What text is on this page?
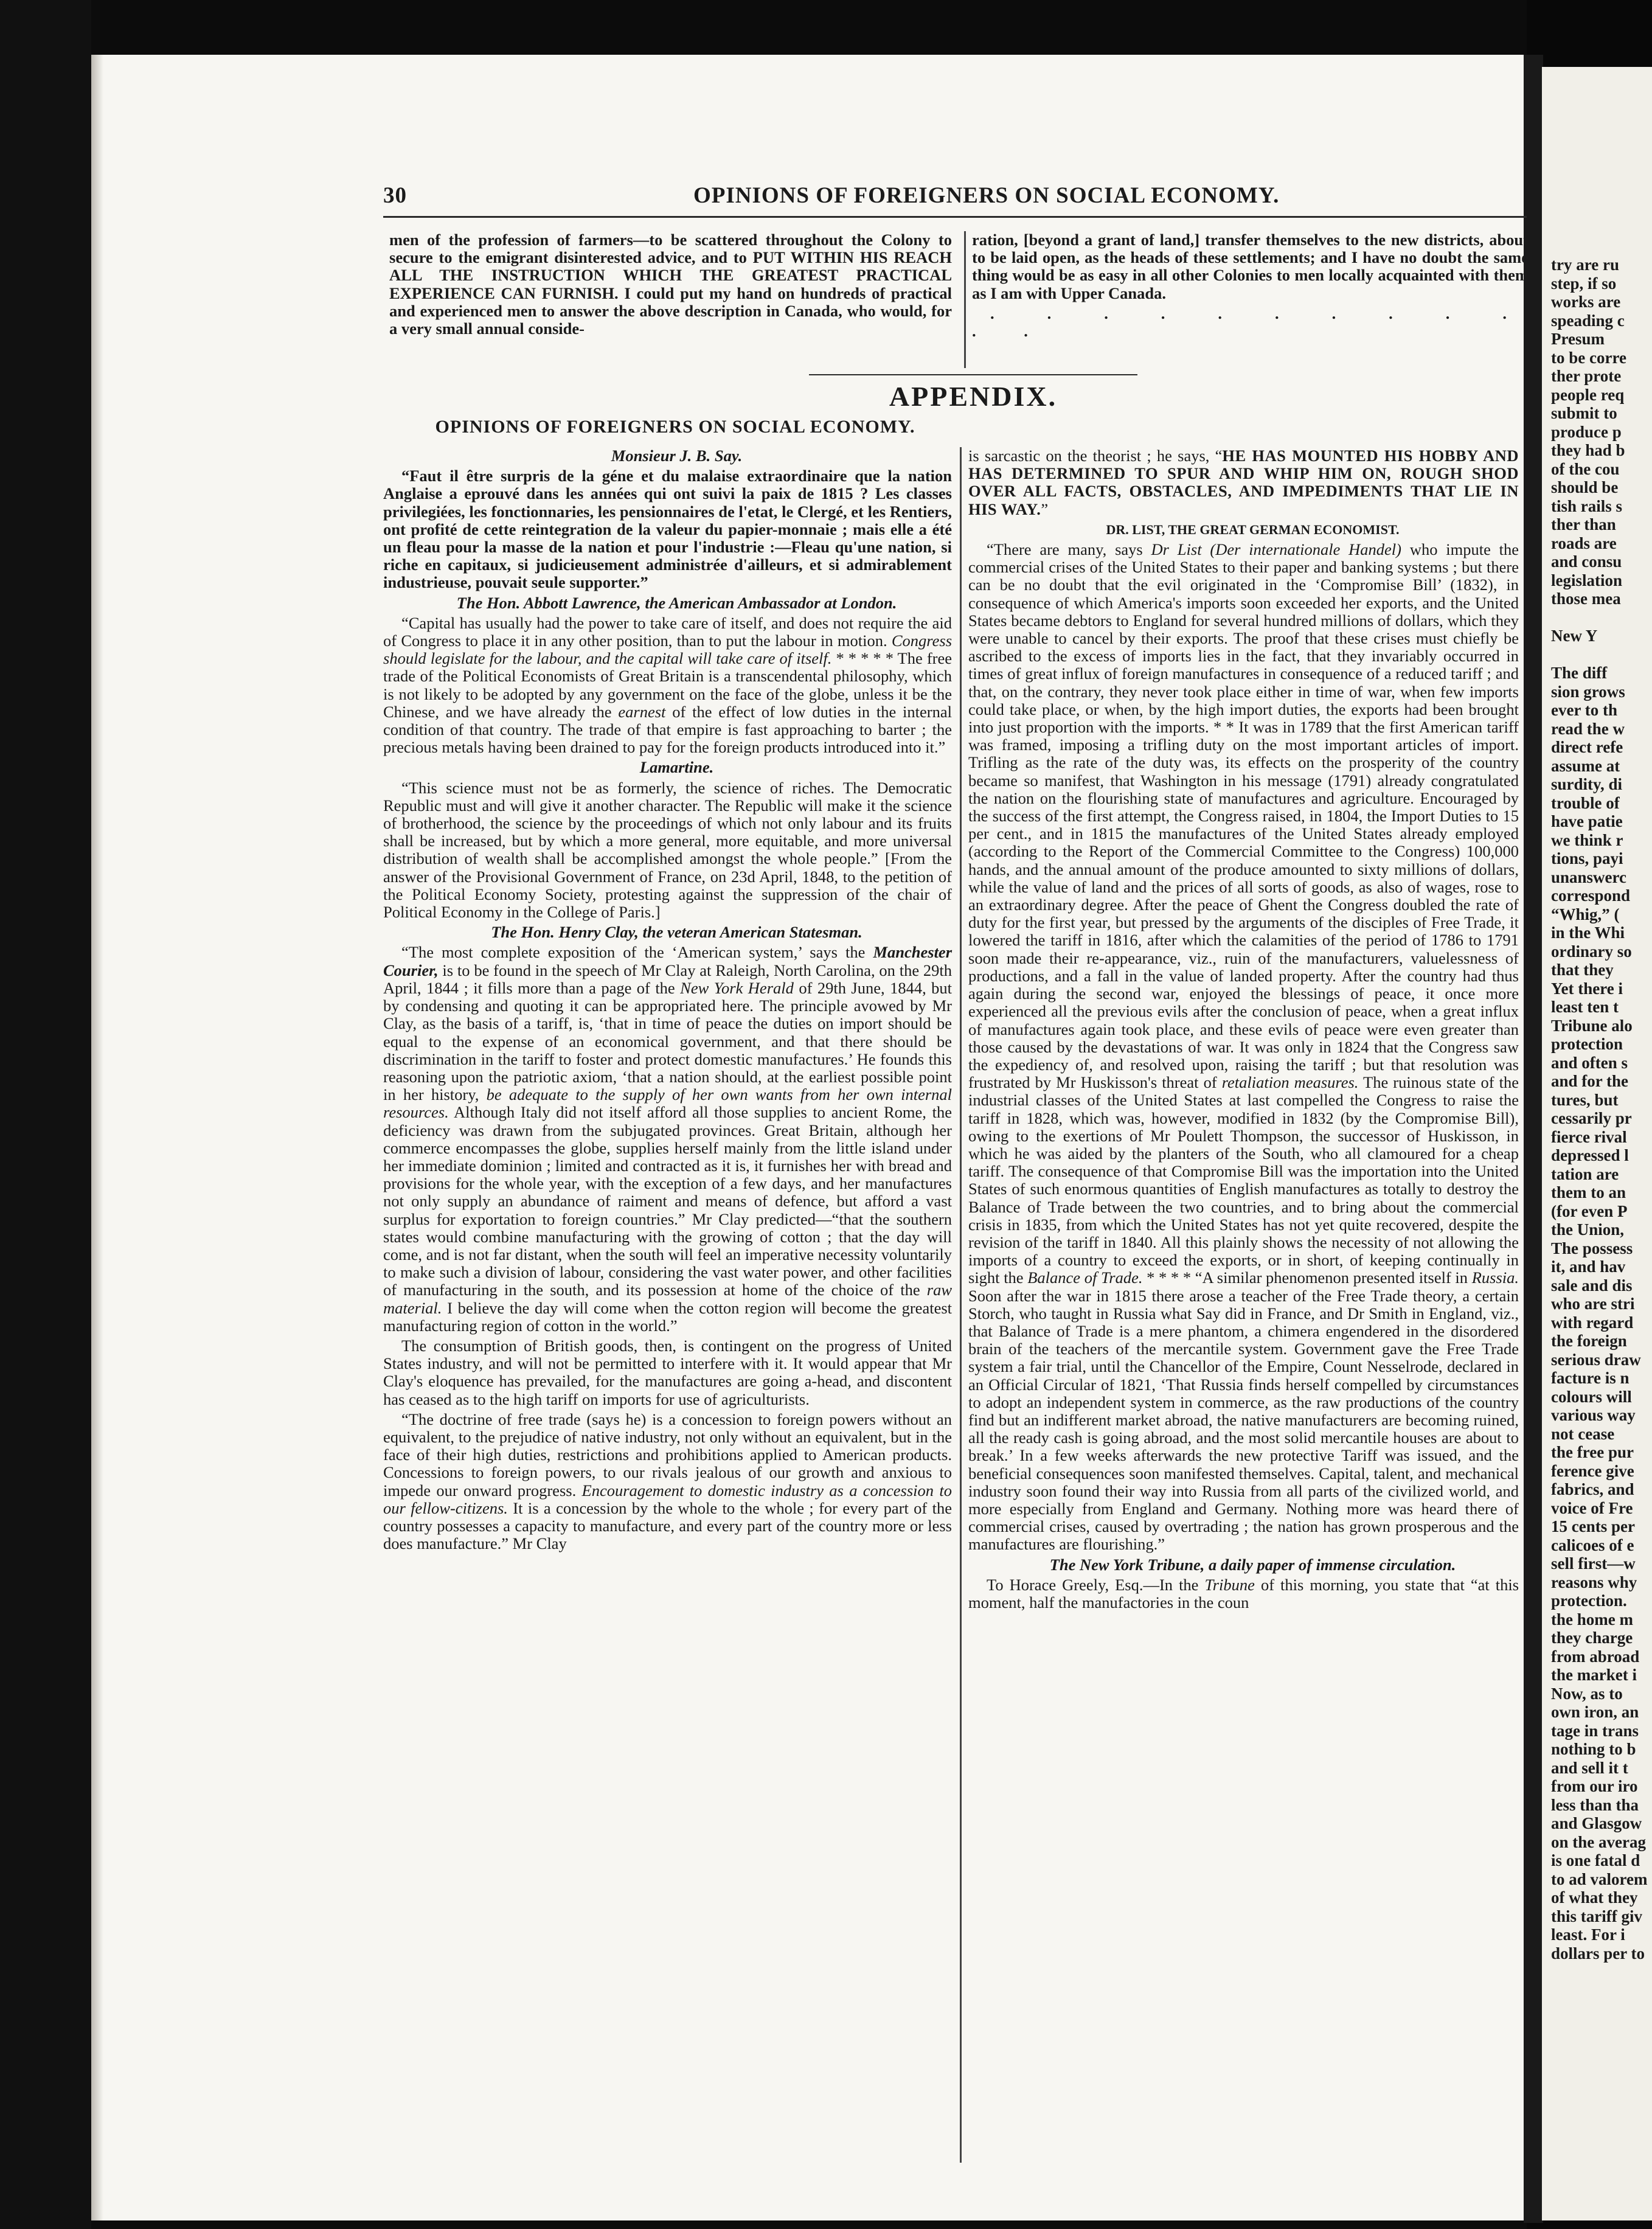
30	OPINIONS OF FOREIGNERS ON SOCIAL ECONOMY.

men of the profession of farmers—to be scattered throughout the Colony to secure to the emigrant disinterested advice, and to PUT WITHIN HIS REACH ALL THE INSTRUCTION WHICH THE GREATEST PRACTICAL EXPERIENCE CAN FURNISH. I could put my hand on hundreds of practical and experienced men to answer the above description in Canada, who would, for a very small annual conside-

ration, [beyond a grant of land,] transfer themselves to the new districts, about to be laid open, as the heads of these settlements; and I have no doubt the same thing would be as easy in all other Colonies to men locally acquainted with them as I am with Upper Canada.

. . . . . . . . . . . .

APPENDIX.
OPINIONS OF FOREIGNERS ON SOCIAL ECONOMY.

Monsieur J. B. Say.

“Faut il être surpris de la géne et du malaise extraordinaire que la nation Anglaise a eprouvé dans les années qui ont suivi la paix de 1815 ? Les classes privilegiées, les fonctionnaries, les pensionnaires de l'etat, le Clergé, et les Rentiers, ont profité de cette reintegration de la valeur du papier-monnaie ; mais elle a été un fleau pour la masse de la nation et pour l'industrie :—Fleau qu'une nation, si riche en capitaux, si judicieusement administrée d'ailleurs, et si admirablement industrieuse, pouvait seule supporter.”

The Hon. Abbott Lawrence, the American Ambassador at London.

“Capital has usually had the power to take care of itself, and does not require the aid of Congress to place it in any other position, than to put the labour in motion. Congress should legislate for the labour, and the capital will take care of itself. * * * * * The free trade of the Political Economists of Great Britain is a transcendental philosophy, which is not likely to be adopted by any government on the face of the globe, unless it be the Chinese, and we have already the earnest of the effect of low duties in the internal condition of that country. The trade of that empire is fast approaching to barter ; the precious metals having been drained to pay for the foreign products introduced into it.”

Lamartine.

“This science must not be as formerly, the science of riches. The Democratic Republic must and will give it another character. The Republic will make it the science of brotherhood, the science by the proceedings of which not only labour and its fruits shall be increased, but by which a more general, more equitable, and more universal distribution of wealth shall be accomplished amongst the whole people.” [From the answer of the Provisional Government of France, on 23d April, 1848, to the petition of the Political Economy Society, protesting against the suppression of the chair of Political Economy in the College of Paris.]

The Hon. Henry Clay, the veteran American Statesman.

“The most complete exposition of the ‘American system,’ says the Manchester Courier, is to be found in the speech of Mr Clay at Raleigh, North Carolina, on the 29th April, 1844 ; it fills more than a page of the New York Herald of 29th June, 1844, but by condensing and quoting it can be appropriated here. The principle avowed by Mr Clay, as the basis of a tariff, is, ‘that in time of peace the duties on import should be equal to the expense of an economical government, and that there should be discrimination in the tariff to foster and protect domestic manufactures.’ He founds this reasoning upon the patriotic axiom, ‘that a nation should, at the earliest possible point in her history, be adequate to the supply of her own wants from her own internal resources. Although Italy did not itself afford all those supplies to ancient Rome, the deficiency was drawn from the subjugated provinces. Great Britain, although her commerce encompasses the globe, supplies herself mainly from the little island under her immediate dominion ; limited and contracted as it is, it furnishes her with bread and provisions for the whole year, with the exception of a few days, and her manufactures not only supply an abundance of raiment and means of defence, but afford a vast surplus for exportation to foreign countries.” Mr Clay predicted—“that the southern states would combine manufacturing with the growing of cotton ; that the day will come, and is not far distant, when the south will feel an imperative necessity voluntarily to make such a division of labour, considering the vast water power, and other facilities of manufacturing in the south, and its possession at home of the choice of the raw material. I believe the day will come when the cotton region will become the greatest manufacturing region of cotton in the world.”

The consumption of British goods, then, is contingent on the progress of United States industry, and will not be permitted to interfere with it. It would appear that Mr Clay's eloquence has prevailed, for the manufactures are going a-head, and discontent has ceased as to the high tariff on imports for use of agriculturists.

“The doctrine of free trade (says he) is a concession to foreign powers without an equivalent, to the prejudice of native industry, not only without an equivalent, but in the face of their high duties, restrictions and prohibitions applied to American products. Concessions to foreign powers, to our rivals jealous of our growth and anxious to impede our onward progress. Encouragement to domestic industry as a concession to our fellow-citizens. It is a concession by the whole to the whole ; for every part of the country possesses a capacity to manufacture, and every part of the country more or less does manufacture.” Mr Clay

is sarcastic on the theorist ; he says, “HE HAS MOUNTED HIS HOBBY AND HAS DETERMINED TO SPUR AND WHIP HIM ON, ROUGH SHOD OVER ALL FACTS, OBSTACLES, AND IMPEDIMENTS THAT LIE IN HIS WAY.”

DR. LIST, THE GREAT GERMAN ECONOMIST.

“There are many, says Dr List (Der internationale Handel) who impute the commercial crises of the United States to their paper and banking systems ; but there can be no doubt that the evil originated in the ‘Compromise Bill’ (1832), in consequence of which America's imports soon exceeded her exports, and the United States became debtors to England for several hundred millions of dollars, which they were unable to cancel by their exports. The proof that these crises must chiefly be ascribed to the excess of imports lies in the fact, that they invariably occurred in times of great influx of foreign manufactures in consequence of a reduced tariff ; and that, on the contrary, they never took place either in time of war, when few imports could take place, or when, by the high import duties, the exports had been brought into just proportion with the imports. * * It was in 1789 that the first American tariff was framed, imposing a trifling duty on the most important articles of import. Trifling as the rate of the duty was, its effects on the prosperity of the country became so manifest, that Washington in his message (1791) already congratulated the nation on the flourishing state of manufactures and agriculture. Encouraged by the success of the first attempt, the Congress raised, in 1804, the Import Duties to 15 per cent., and in 1815 the manufactures of the United States already employed (according to the Report of the Commercial Committee to the Congress) 100,000 hands, and the annual amount of the produce amounted to sixty millions of dollars, while the value of land and the prices of all sorts of goods, as also of wages, rose to an extraordinary degree. After the peace of Ghent the Congress doubled the rate of duty for the first year, but pressed by the arguments of the disciples of Free Trade, it lowered the tariff in 1816, after which the calamities of the period of 1786 to 1791 soon made their re-appearance, viz., ruin of the manufacturers, valuelessness of productions, and a fall in the value of landed property. After the country had thus again during the second war, enjoyed the blessings of peace, it once more experienced all the previous evils after the conclusion of peace, when a great influx of manufactures again took place, and these evils of peace were even greater than those caused by the devastations of war. It was only in 1824 that the Congress saw the expediency of, and resolved upon, raising the tariff ; but that resolution was frustrated by Mr Huskisson's threat of retaliation measures. The ruinous state of the industrial classes of the United States at last compelled the Congress to raise the tariff in 1828, which was, however, modified in 1832 (by the Compromise Bill), owing to the exertions of Mr Poulett Thompson, the successor of Huskisson, in which he was aided by the planters of the South, who all clamoured for a cheap tariff. The consequence of that Compromise Bill was the importation into the United States of such enormous quantities of English manufactures as totally to destroy the Balance of Trade between the two countries, and to bring about the commercial crisis in 1835, from which the United States has not yet quite recovered, despite the revision of the tariff in 1840. All this plainly shows the necessity of not allowing the imports of a country to exceed the exports, or in short, of keeping continually in sight the Balance of Trade. * * * * “A similar phenomenon presented itself in Russia. Soon after the war in 1815 there arose a teacher of the Free Trade theory, a certain Storch, who taught in Russia what Say did in France, and Dr Smith in England, viz., that Balance of Trade is a mere phantom, a chimera engendered in the disordered brain of the teachers of the mercantile system. Government gave the Free Trade system a fair trial, until the Chancellor of the Empire, Count Nesselrode, declared in an Official Circular of 1821, ‘That Russia finds herself compelled by circumstances to adopt an independent system in commerce, as the raw productions of the country find but an indifferent market abroad, the native manufacturers are becoming ruined, all the ready cash is going abroad, and the most solid mercantile houses are about to break.’ In a few weeks afterwards the new protective Tariff was issued, and the beneficial consequences soon manifested themselves. Capital, talent, and mechanical industry soon found their way into Russia from all parts of the civilized world, and more especially from England and Germany. Nothing more was heard there of commercial crises, caused by overtrading ; the nation has grown prosperous and the manufactures are flourishing.”

The New York Tribune, a daily paper of immense circulation.

To Horace Greely, Esq.—In the Tribune of this morning, you state that “at this moment, half the manufactories in the coun

try are ru
step, if so
works are
speading c
Presum
to be corre
ther prote
people req
submit to
produce p
they had b
of the cou
should be
tish rails s
ther than
roads are
and consu
legislation
those mea

New Y

The diff
sion grows
ever to th
read the w
direct refe
assume at
surdity, di
trouble of
have patie
we think r
tions, payi
unanswerc
correspond
“Whig,” (
in the Whi
ordinary so
that they
Yet there i
least ten t
Tribune alo
protection
and often s
and for the
tures, but
cessarily pr
fierce rival
depressed l
tation are
them to an
(for even P
the Union,
The possess
it, and hav
sale and dis
who are stri
with regard
the foreign
serious draw
facture is n
colours will
various way
not cease
the free pur
ference give
fabrics, and
voice of Fre
15 cents per
calicoes of e
sell first—w
reasons why
protection.
the home m
they charge
from abroad
the market i
Now, as to
own iron, an
tage in trans
nothing to b
and sell it t
from our iro
less than tha
and Glasgow
on the averag
is one fatal d
to ad valorem
of what they
this tariff giv
least. For i
dollars per to
